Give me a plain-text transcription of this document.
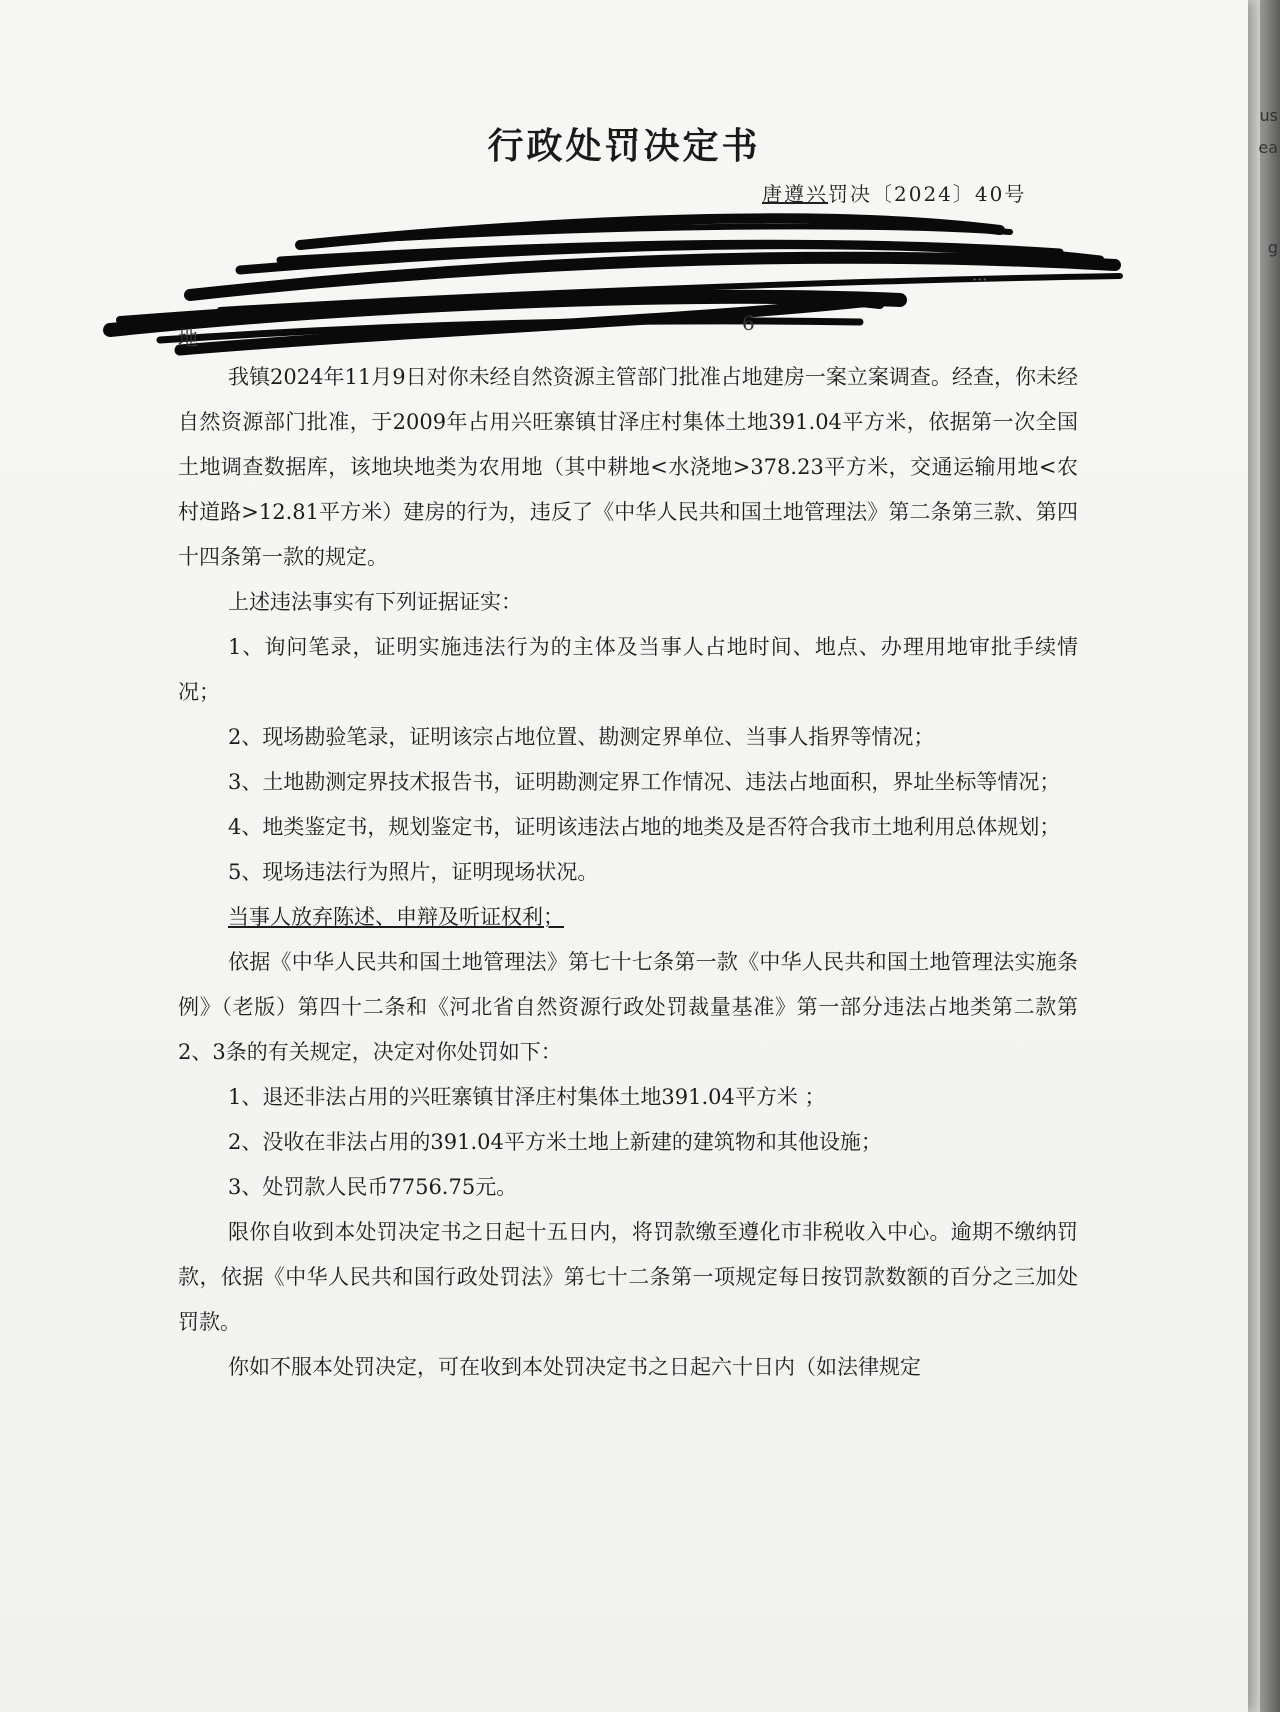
us
ea
g
行政处罚决定书
唐遵兴罚决〔2024〕40号
地
6
···

我镇2024年11月9日对你未经自然资源主管部门批准占地建房一案立案调查。经查，你未经自然资源部门批准，于2009年占用兴旺寨镇甘泽庄村集体土地391.04平方米，依据第一次全国土地调查数据库，该地块地类为农用地（其中耕地<水浇地>378.23平方米，交通运输用地<农村道路>12.81平方米）建房的行为，违反了《中华人民共和国土地管理法》第二条第三款、第四十四条第一款的规定。

上述违法事实有下列证据证实：

1、询问笔录，证明实施违法行为的主体及当事人占地时间、地点、办理用地审批手续情况；

2、现场勘验笔录，证明该宗占地位置、勘测定界单位、当事人指界等情况；

3、土地勘测定界技术报告书，证明勘测定界工作情况、违法占地面积，界址坐标等情况；

4、地类鉴定书，规划鉴定书，证明该违法占地的地类及是否符合我市土地利用总体规划；

5、现场违法行为照片，证明现场状况。

当事人放弃陈述、申辩及听证权利；

依据《中华人民共和国土地管理法》第七十七条第一款《中华人民共和国土地管理法实施条例》（老版）第四十二条和《河北省自然资源行政处罚裁量基准》第一部分违法占地类第二款第2、3条的有关规定，决定对你处罚如下：

1、退还非法占用的兴旺寨镇甘泽庄村集体土地391.04平方米 ；

2、没收在非法占用的391.04平方米土地上新建的建筑物和其他设施；

3、处罚款人民币7756.75元。

限你自收到本处罚决定书之日起十五日内，将罚款缴至遵化市非税收入中心。逾期不缴纳罚款，依据《中华人民共和国行政处罚法》第七十二条第一项规定每日按罚款数额的百分之三加处罚款。

你如不服本处罚决定，可在收到本处罚决定书之日起六十日内（如法律规定
